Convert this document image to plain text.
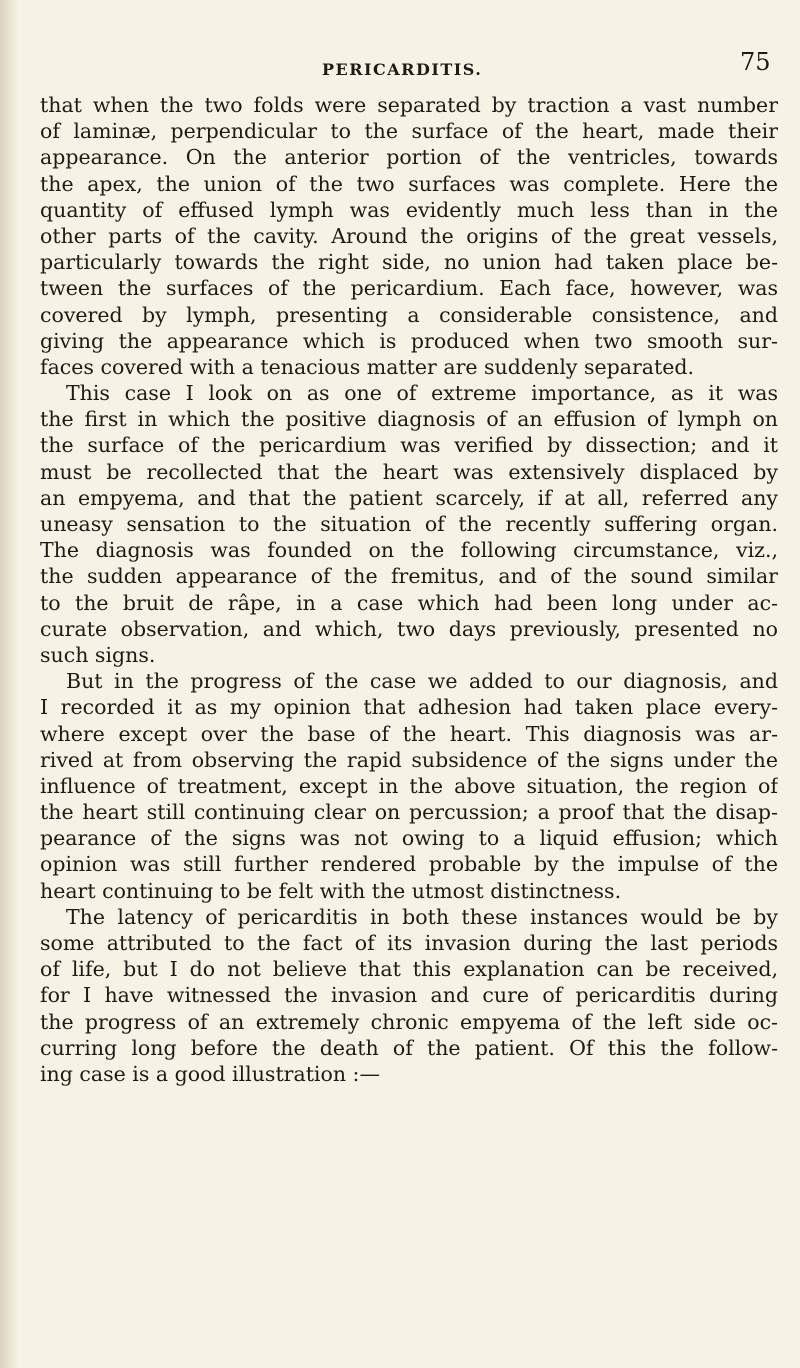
PERICARDITIS.	75
that when the two folds were separated by traction a vast number
of laminæ, perpendicular to the surface of the heart, made their
appearance. On the anterior portion of the ventricles, towards
the apex, the union of the two surfaces was complete. Here the
quantity of effused lymph was evidently much less than in the
other parts of the cavity. Around the origins of the great vessels,
particularly towards the right side, no union had taken place be-
tween the surfaces of the pericardium. Each face, however, was
covered by lymph, presenting a considerable consistence, and
giving the appearance which is produced when two smooth sur-
faces covered with a tenacious matter are suddenly separated.
This case I look on as one of extreme importance, as it was
the first in which the positive diagnosis of an effusion of lymph on
the surface of the pericardium was verified by dissection; and it
must be recollected that the heart was extensively displaced by
an empyema, and that the patient scarcely, if at all, referred any
uneasy sensation to the situation of the recently suffering organ.
The diagnosis was founded on the following circumstance, viz.,
the sudden appearance of the fremitus, and of the sound similar
to the bruit de râpe, in a case which had been long under ac-
curate observation, and which, two days previously, presented no
such signs.
But in the progress of the case we added to our diagnosis, and
I recorded it as my opinion that adhesion had taken place every-
where except over the base of the heart. This diagnosis was ar-
rived at from observing the rapid subsidence of the signs under the
influence of treatment, except in the above situation, the region of
the heart still continuing clear on percussion; a proof that the disap-
pearance of the signs was not owing to a liquid effusion; which
opinion was still further rendered probable by the impulse of the
heart continuing to be felt with the utmost distinctness.
The latency of pericarditis in both these instances would be by
some attributed to the fact of its invasion during the last periods
of life, but I do not believe that this explanation can be received,
for I have witnessed the invasion and cure of pericarditis during
the progress of an extremely chronic empyema of the left side oc-
curring long before the death of the patient. Of this the follow-
ing case is a good illustration :—
